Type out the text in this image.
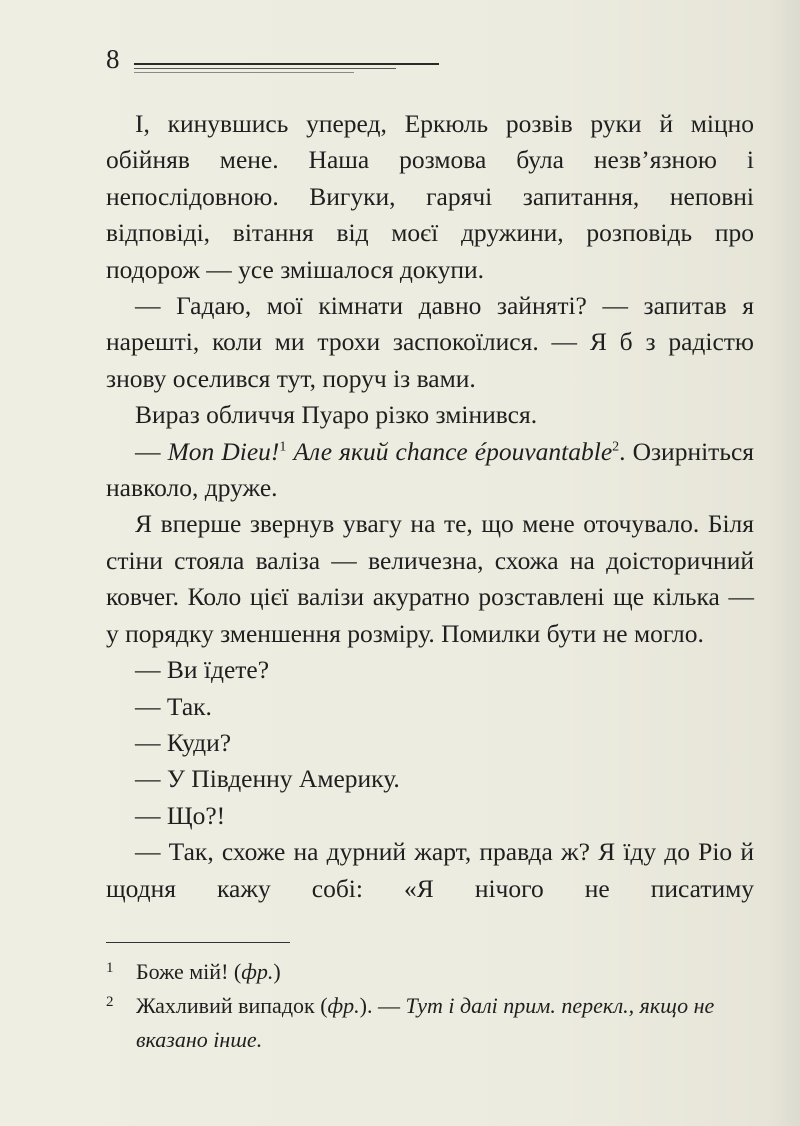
8

І, кинувшись уперед, Еркюль розвів руки й міцно обійняв мене. Наша розмова була незв’язною і непослідовною. Вигуки, гарячі запитання, неповні відповіді, вітання від моєї дружини, розповідь про подорож — усе змішалося докупи.

— Гадаю, мої кімнати давно зайняті? — запитав я нарешті, коли ми трохи заспокоїлися. — Я б з радістю знову оселився тут, поруч із вами.

Вираз обличчя Пуаро різко змінився.

— Mon Dieu!$^1$ Але який chance épouvantable$^2$. Озирніться навколо, друже.

Я вперше звернув увагу на те, що мене оточувало. Біля стіни стояла валіза — величезна, схожа на доісторичний ковчег. Коло цієї валізи акуратно розставлені ще кілька — у порядку зменшення розміру. Помилки бути не могло.

— Ви їдете?

— Так.

— Куди?

— У Південну Америку.

— Що?!

— Так, схоже на дурний жарт, правда ж? Я їду до Ріо й щодня кажу собі: «Я нічого не писатиму

1 Боже мій! (фр.)

2 Жахливий випадок (фр.). — Тут і далі прим. перекл., якщо не вказано інше.
